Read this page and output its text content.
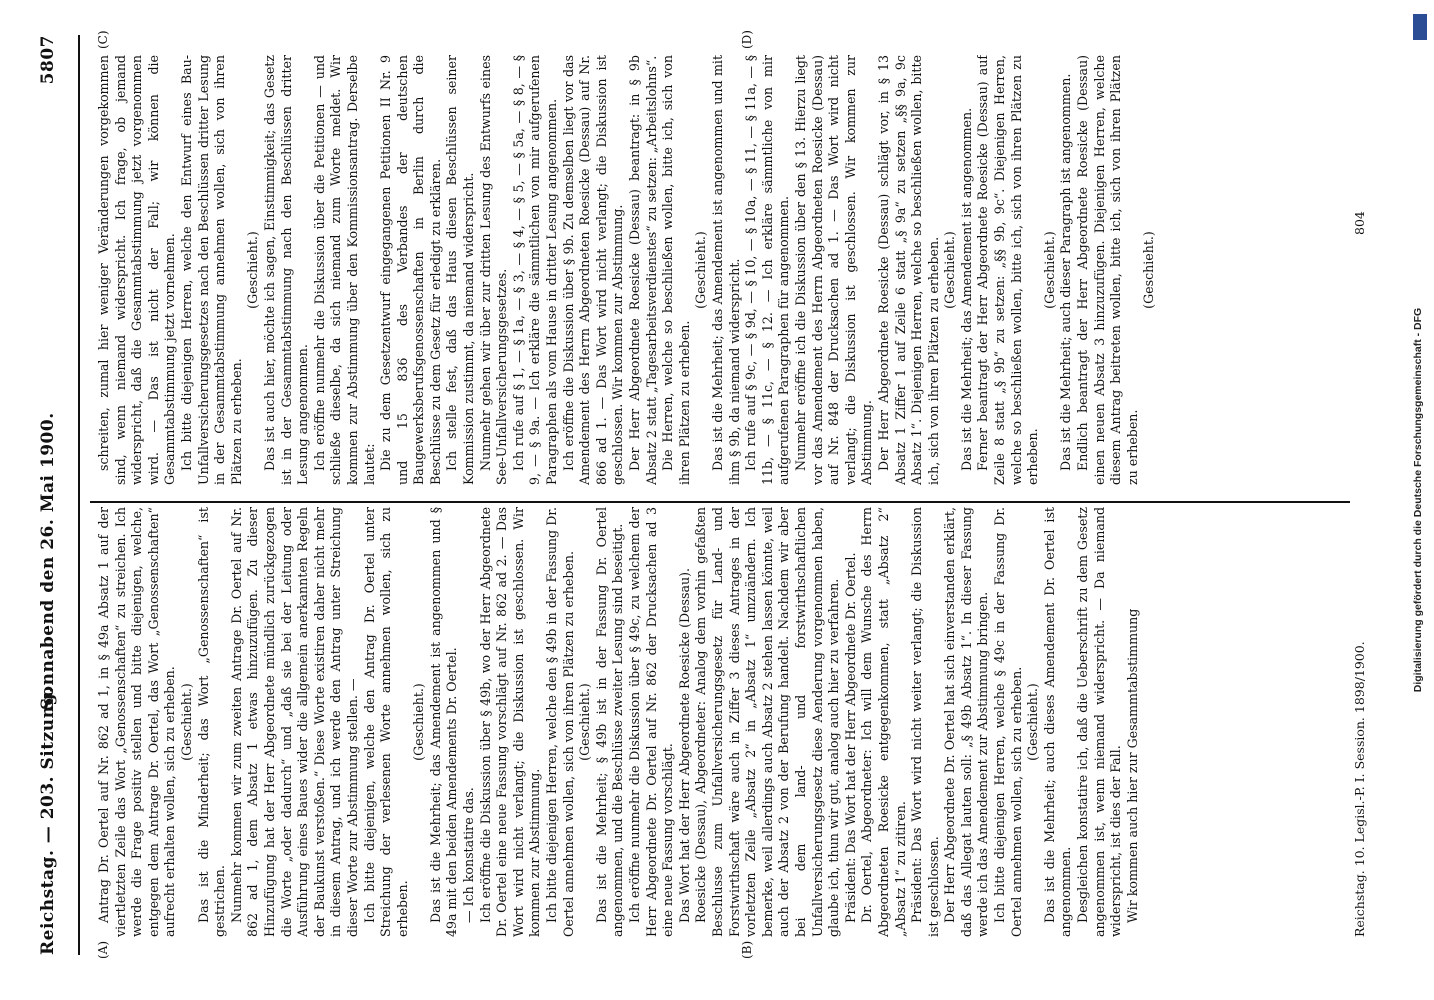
Reichstag. — 203. Sitzung.
Sonnabend den 26. Mai 1900.
5807
(A)	(B)
(C)	(D)

Antrag Dr. Oertel auf Nr. 862 ad 1, in § 49a Absatz 1 auf der viertletzten Zeile das Wort „Genossenschaften“ zu streichen. Ich werde die Frage positiv stellen und bitte diejenigen, welche, entgegen dem Antrage Dr. Oertel, das Wort „Genossenschaften“ aufrecht erhalten wollen, sich zu erheben. (Geschieht.) Das ist die Minderheit; das Wort „Genossenschaften“ ist gestrichen. Nunmehr kommen wir zum zweiten Antrage Dr. Oertel auf Nr. 862 ad 1, dem Absatz 1 etwas hinzuzufügen. Zu dieser Hinzufügung hat der Herr Abgeordnete mündlich zurückgezogen die Worte „oder dadurch“ und „daß sie bei der Leitung oder Ausführung eines Baues wider die allgemein anerkannten Regeln der Baukunst verstoßen.“ Diese Worte existiren daher nicht mehr in diesem Antrag, und ich werde den Antrag unter Streichung dieser Worte zur Abstimmung stellen. — Ich bitte diejenigen, welche den Antrag Dr. Oertel unter Streichung der verlesenen Worte annehmen wollen, sich zu erheben.

(Geschieht.) Das ist die Mehrheit; das Amendement ist angenommen und § 49a mit den beiden Amendements Dr. Oertel. — Ich konstatire das. Ich eröffne die Diskussion über § 49b, wo der Herr Abgeordnete Dr. Oertel eine neue Fassung vorschlägt auf Nr. 862 ad 2. — Das Wort wird nicht verlangt; die Diskussion ist geschlossen. Wir kommen zur Abstimmung. Ich bitte diejenigen Herren, welche den § 49b in der Fassung Dr. Oertel annehmen wollen, sich von ihren Plätzen zu erheben. (Geschieht.) Das ist die Mehrheit; § 49b ist in der Fassung Dr. Oertel angenommen, und die Beschlüsse zweiter Lesung sind beseitigt. Ich eröffne nunmehr die Diskussion über § 49c, zu welchem der Herr Abgeordnete Dr. Oertel auf Nr. 862 der Drucksachen ad 3 eine neue Fassung vorschlägt. Das Wort hat der Herr Abgeordnete Roesicke (Dessau). Roesicke (Dessau), Abgeordneter: Analog dem vorhin gefaßten Beschlusse zum Unfallversicherungsgesetz für Land- und Forstwirthschaft wäre auch in Ziffer 3 dieses Antrages in der vorletzten Zeile „Absatz 2“ in „Absatz 1“ umzuändern. Ich bemerke, weil allerdings auch Absatz 2 stehen lassen könnte, weil auch der Absatz 2 von der Berufung handelt. Nachdem wir aber bei dem land- und forstwirthschaftlichen Unfallversicherungsgesetz diese Aenderung vorgenommen haben, glaube ich, thun wir gut, analog auch hier zu verfahren. Präsident: Das Wort hat der Herr Abgeordnete Dr. Oertel. Dr. Oertel, Abgeordneter: Ich will dem Wunsche des Herrn Abgeordneten Roesicke entgegenkommen, statt „Absatz 2“ „Absatz 1“ zu zitiren. Präsident: Das Wort wird nicht weiter verlangt; die Diskussion ist geschlossen. Der Herr Abgeordnete Dr. Oertel hat sich einverstanden erklärt, daß das Allegat lauten soll: „§ 49b Absatz 1“. In dieser Fassung werde ich das Amendement zur Abstimmung bringen. Ich bitte diejenigen Herren, welche § 49c in der Fassung Dr. Oertel annehmen wollen, sich zu erheben. (Geschieht.) Das ist die Mehrheit; auch dieses Amendement Dr. Oertel ist angenommen. Desgleichen konstatire ich, daß die Ueberschrift zu dem Gesetz angenommen ist, wenn niemand widerspricht. — Da niemand widerspricht, ist dies der Fall. Wir kommen auch hier zur Gesammtabstimmung

schreiten, zumal hier weniger Veränderungen vorgekommen sind, wenn niemand widerspricht. Ich frage, ob jemand widerspricht, daß die Gesammtabstimmung jetzt vorgenommen wird. — Das ist nicht der Fall; wir können die Gesammtabstimmung jetzt vornehmen. Ich bitte diejenigen Herren, welche den Entwurf eines Bau-Unfallversicherungsgesetzes nach den Beschlüssen dritter Lesung in der Gesammtabstimmung annehmen wollen, sich von ihren Plätzen zu erheben.

(Geschieht.) Das ist auch hier, möchte ich sagen, Einstimmigkeit; das Gesetz ist in der Gesammtabstimmung nach den Beschlüssen dritter Lesung angenommen. Ich eröffne nunmehr die Diskussion über die Petitionen — und schließe dieselbe, da sich niemand zum Worte meldet. Wir kommen zur Abstimmung über den Kommissionsantrag. Derselbe lautet: Die zu dem Gesetzentwurf eingegangenen Petitionen II Nr. 9 und 15 836 des Verbandes der deutschen Baugewerksberufsgenossenschaften in Berlin durch die Beschlüsse zu dem Gesetz für erledigt zu erklären. Ich stelle fest, daß das Haus diesen Beschlüssen seiner Kommission zustimmt, da niemand widerspricht. Nunmehr gehen wir über zur dritten Lesung des Entwurfs eines See-Unfallversicherungsgesetzes. Ich rufe auf § 1, — § 1a, — § 3, — § 4, — § 5, — § 5a, — § 8, — § 9, — § 9a. — Ich erkläre die sämmtlichen von mir aufgerufenen Paragraphen als vom Hause in dritter Lesung angenommen. Ich eröffne die Diskussion über § 9b. Zu demselben liegt vor das Amendement des Herrn Abgeordneten Roesicke (Dessau) auf Nr. 866 ad 1. — Das Wort wird nicht verlangt; die Diskussion ist geschlossen. Wir kommen zur Abstimmung. Der Herr Abgeordnete Roesicke (Dessau) beantragt: in § 9b Absatz 2 statt „Tagesarbeitsverdienstes“ zu setzen: „Arbeitslohns“. Die Herren, welche so beschließen wollen, bitte ich, sich von ihren Plätzen zu erheben.

(Geschieht.) Das ist die Mehrheit; das Amendement ist angenommen und mit ihm § 9b, da niemand widerspricht. Ich rufe auf § 9c, — § 9d, — § 10, — § 10a, — § 11, — § 11a, — § 11b, — § 11c, — § 12. — Ich erkläre sämmtliche von mir aufgerufenen Paragraphen für angenommen. Nunmehr eröffne ich die Diskussion über den § 13. Hierzu liegt vor das Amendement des Herrn Abgeordneten Roesicke (Dessau) auf Nr. 848 der Drucksachen ad 1. — Das Wort wird nicht verlangt; die Diskussion ist geschlossen. Wir kommen zur Abstimmung. Der Herr Abgeordnete Roesicke (Dessau) schlägt vor, in § 13 Absatz 1 Ziffer 1 auf Zeile 6 statt „§ 9a“ zu setzen „§§ 9a, 9c Absatz 1“. Diejenigen Herren, welche so beschließen wollen, bitte ich, sich von ihren Plätzen zu erheben. (Geschieht.) Das ist die Mehrheit; das Amendement ist angenommen. Ferner beantragt der Herr Abgeordnete Roesicke (Dessau) auf Zeile 8 statt „§ 9b“ zu setzen: „§§ 9b, 9c“. Diejenigen Herren, welche so beschließen wollen, bitte ich, sich von ihren Plätzen zu erheben.

(Geschieht.) Das ist die Mehrheit; auch dieser Paragraph ist angenommen. Endlich beantragt der Herr Abgeordnete Roesicke (Dessau) einen neuen Absatz 3 hinzuzufügen. Diejenigen Herren, welche diesem Antrag beitreten wollen, bitte ich, sich von ihren Plätzen zu erheben.

(Geschieht.)

Reichstag. 10. Legisl.-P. I. Session. 1898/1900.
804
Digitalisierung gefördert durch die Deutsche Forschungsgemeinschaft - DFG
